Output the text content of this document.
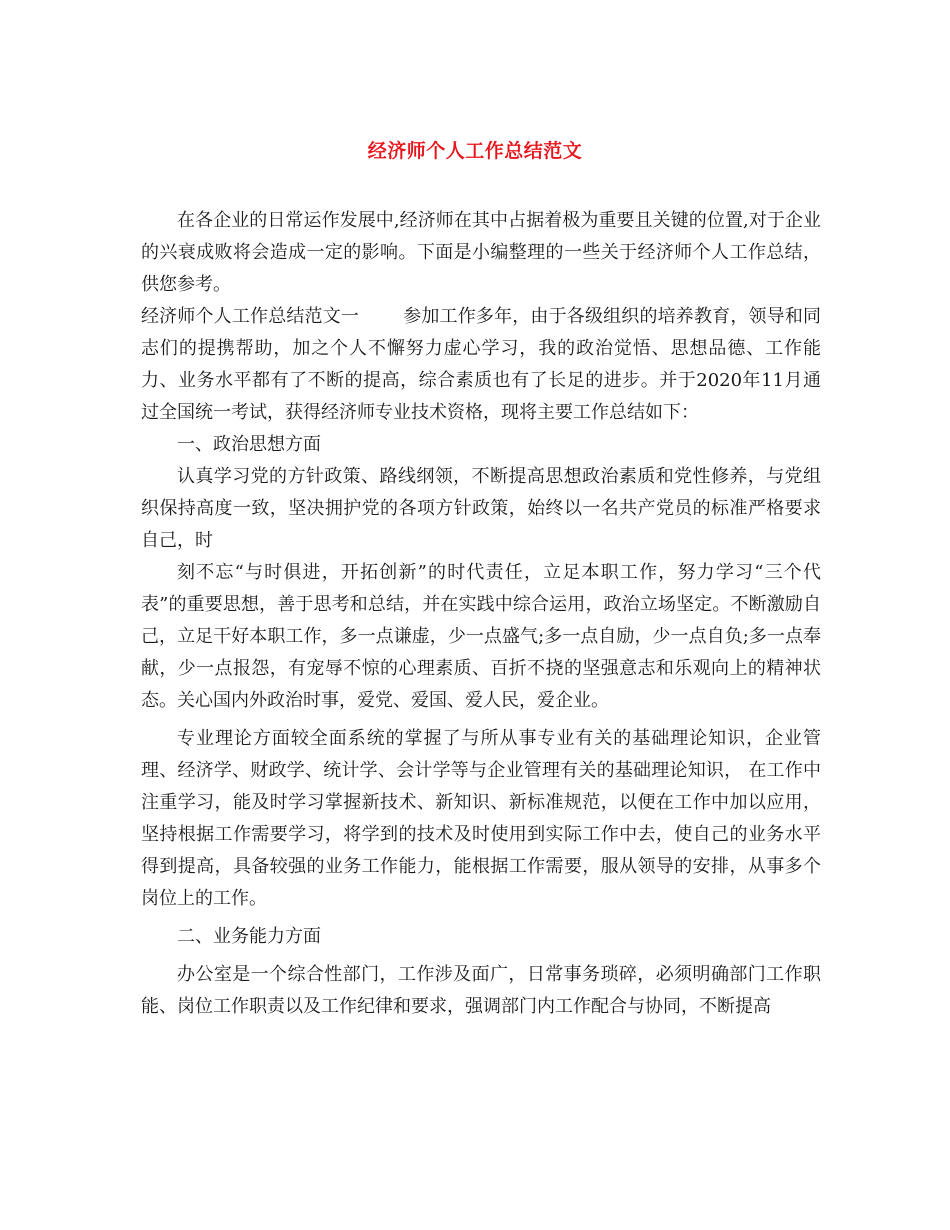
经济师个人工作总结范文

在各企业的日常运作发展中,经济师在其中占据着极为重要且关键的位置,对于企业的兴衰成败将会造成一定的影响。下面是小编整理的一些关于经济师个人工作总结，供您参考。

经济师个人工作总结范文一 参加工作多年，由于各级组织的培养教育，领导和同志们的提携帮助，加之个人不懈努力虚心学习，我的政治觉悟、思想品德、工作能力、业务水平都有了不断的提高，综合素质也有了长足的进步。并于2020年11月通过全国统一考试，获得经济师专业技术资格，现将主要工作总结如下：

一、政治思想方面

认真学习党的方针政策、路线纲领，不断提高思想政治素质和党性修养，与党组织保持高度一致，坚决拥护党的各项方针政策，始终以一名共产党员的标准严格要求自己，时

刻不忘“与时俱进，开拓创新”的时代责任，立足本职工作，努力学习“三个代表”的重要思想，善于思考和总结，并在实践中综合运用，政治立场坚定。不断激励自己，立足干好本职工作，多一点谦虚，少一点盛气;多一点自励，少一点自负;多一点奉献，少一点报怨，有宠辱不惊的心理素质、百折不挠的坚强意志和乐观向上的精神状态。关心国内外政治时事，爱党、爱国、爱人民，爱企业。

专业理论方面较全面系统的掌握了与所从事专业有关的基础理论知识，企业管理、经济学、财政学、统计学、会计学等与企业管理有关的基础理论知识， 在工作中注重学习，能及时学习掌握新技术、新知识、新标准规范，以便在工作中加以应用，坚持根据工作需要学习，将学到的技术及时使用到实际工作中去，使自己的业务水平得到提高，具备较强的业务工作能力，能根据工作需要，服从领导的安排，从事多个岗位上的工作。

二、业务能力方面

办公室是一个综合性部门，工作涉及面广，日常事务琐碎，必须明确部门工作职能、岗位工作职责以及工作纪律和要求，强调部门内工作配合与协同，不断提高
